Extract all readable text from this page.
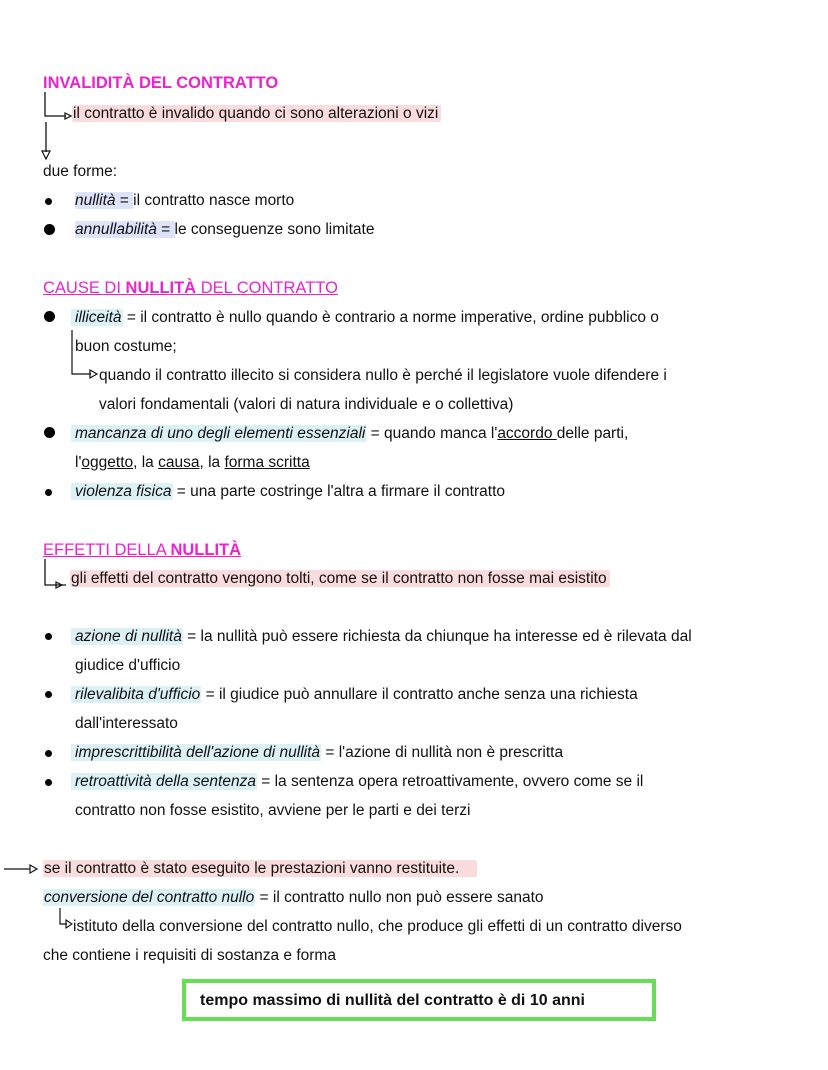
INVALIDITÀ DEL CONTRATTO
il contratto è invalido quando ci sono alterazioni o vizi
due forme:
nullità = il contratto nasce morto
annullabilità = le conseguenze sono limitate
CAUSE DI NULLITÀ DEL CONTRATTO
illiceità = il contratto è nullo quando è contrario a norme imperative, ordine pubblico o
buon costume;
quando il contratto illecito si considera nullo è perché il legislatore vuole difendere i
valori fondamentali (valori di natura individuale e o collettiva)
mancanza di uno degli elementi essenziali = quando manca l'accordo delle parti,
l'oggetto, la causa, la forma scritta
violenza fisica = una parte costringe l'altra a firmare il contratto
EFFETTI DELLA NULLITÀ
gli effetti del contratto vengono tolti, come se il contratto non fosse mai esistito
azione di nullità = la nullità può essere richiesta da chiunque ha interesse ed è rilevata dal
giudice d'ufficio
rilevalibita d'ufficio = il giudice può annullare il contratto anche senza una richiesta
dall'interessato
imprescrittibilità dell'azione di nullità = l'azione di nullità non è prescritta
retroattività della sentenza = la sentenza opera retroattivamente, ovvero come se il
contratto non fosse esistito, avviene per le parti e dei terzi
se il contratto è stato eseguito le prestazioni vanno restituite.
conversione del contratto nullo = il contratto nullo non può essere sanato
istituto della conversione del contratto nullo, che produce gli effetti di un contratto diverso
che contiene i requisiti di sostanza e forma
tempo massimo di nullità del contratto è di 10 anni
